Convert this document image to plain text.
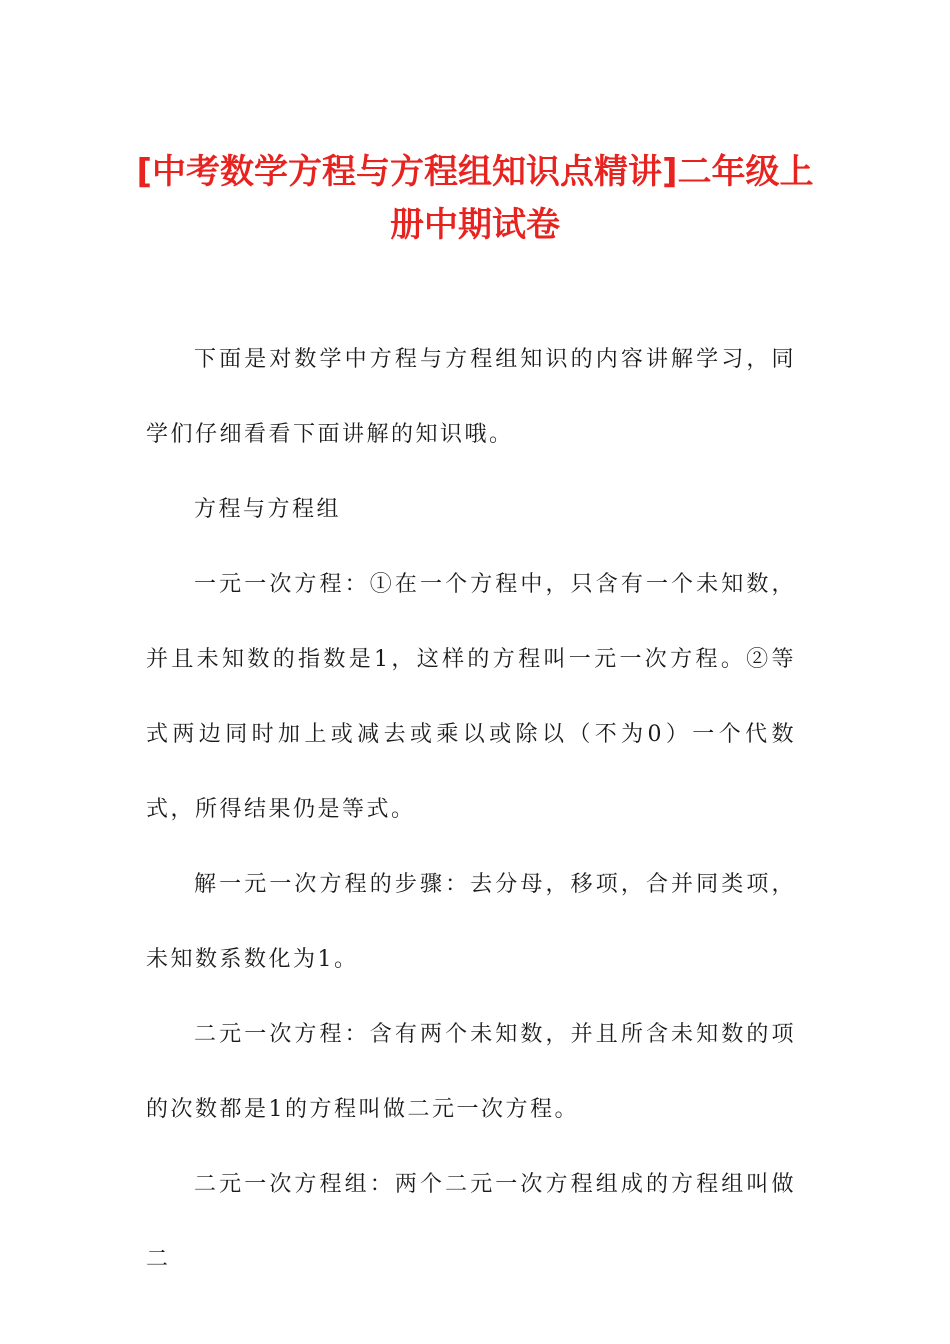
[中考数学方程与方程组知识点精讲]二年级上册中期试卷

下面是对数学中方程与方程组知识的内容讲解学习，同学们仔细看看下面讲解的知识哦。

方程与方程组

一元一次方程：①在一个方程中，只含有一个未知数，并且未知数的指数是1，这样的方程叫一元一次方程。②等式两边同时加上或减去或乘以或除以（不为0）一个代数式，所得结果仍是等式。

解一元一次方程的步骤：去分母，移项，合并同类项，未知数系数化为1。

二元一次方程：含有两个未知数，并且所含未知数的项的次数都是1的方程叫做二元一次方程。

二元一次方程组：两个二元一次方程组成的方程组叫做二
